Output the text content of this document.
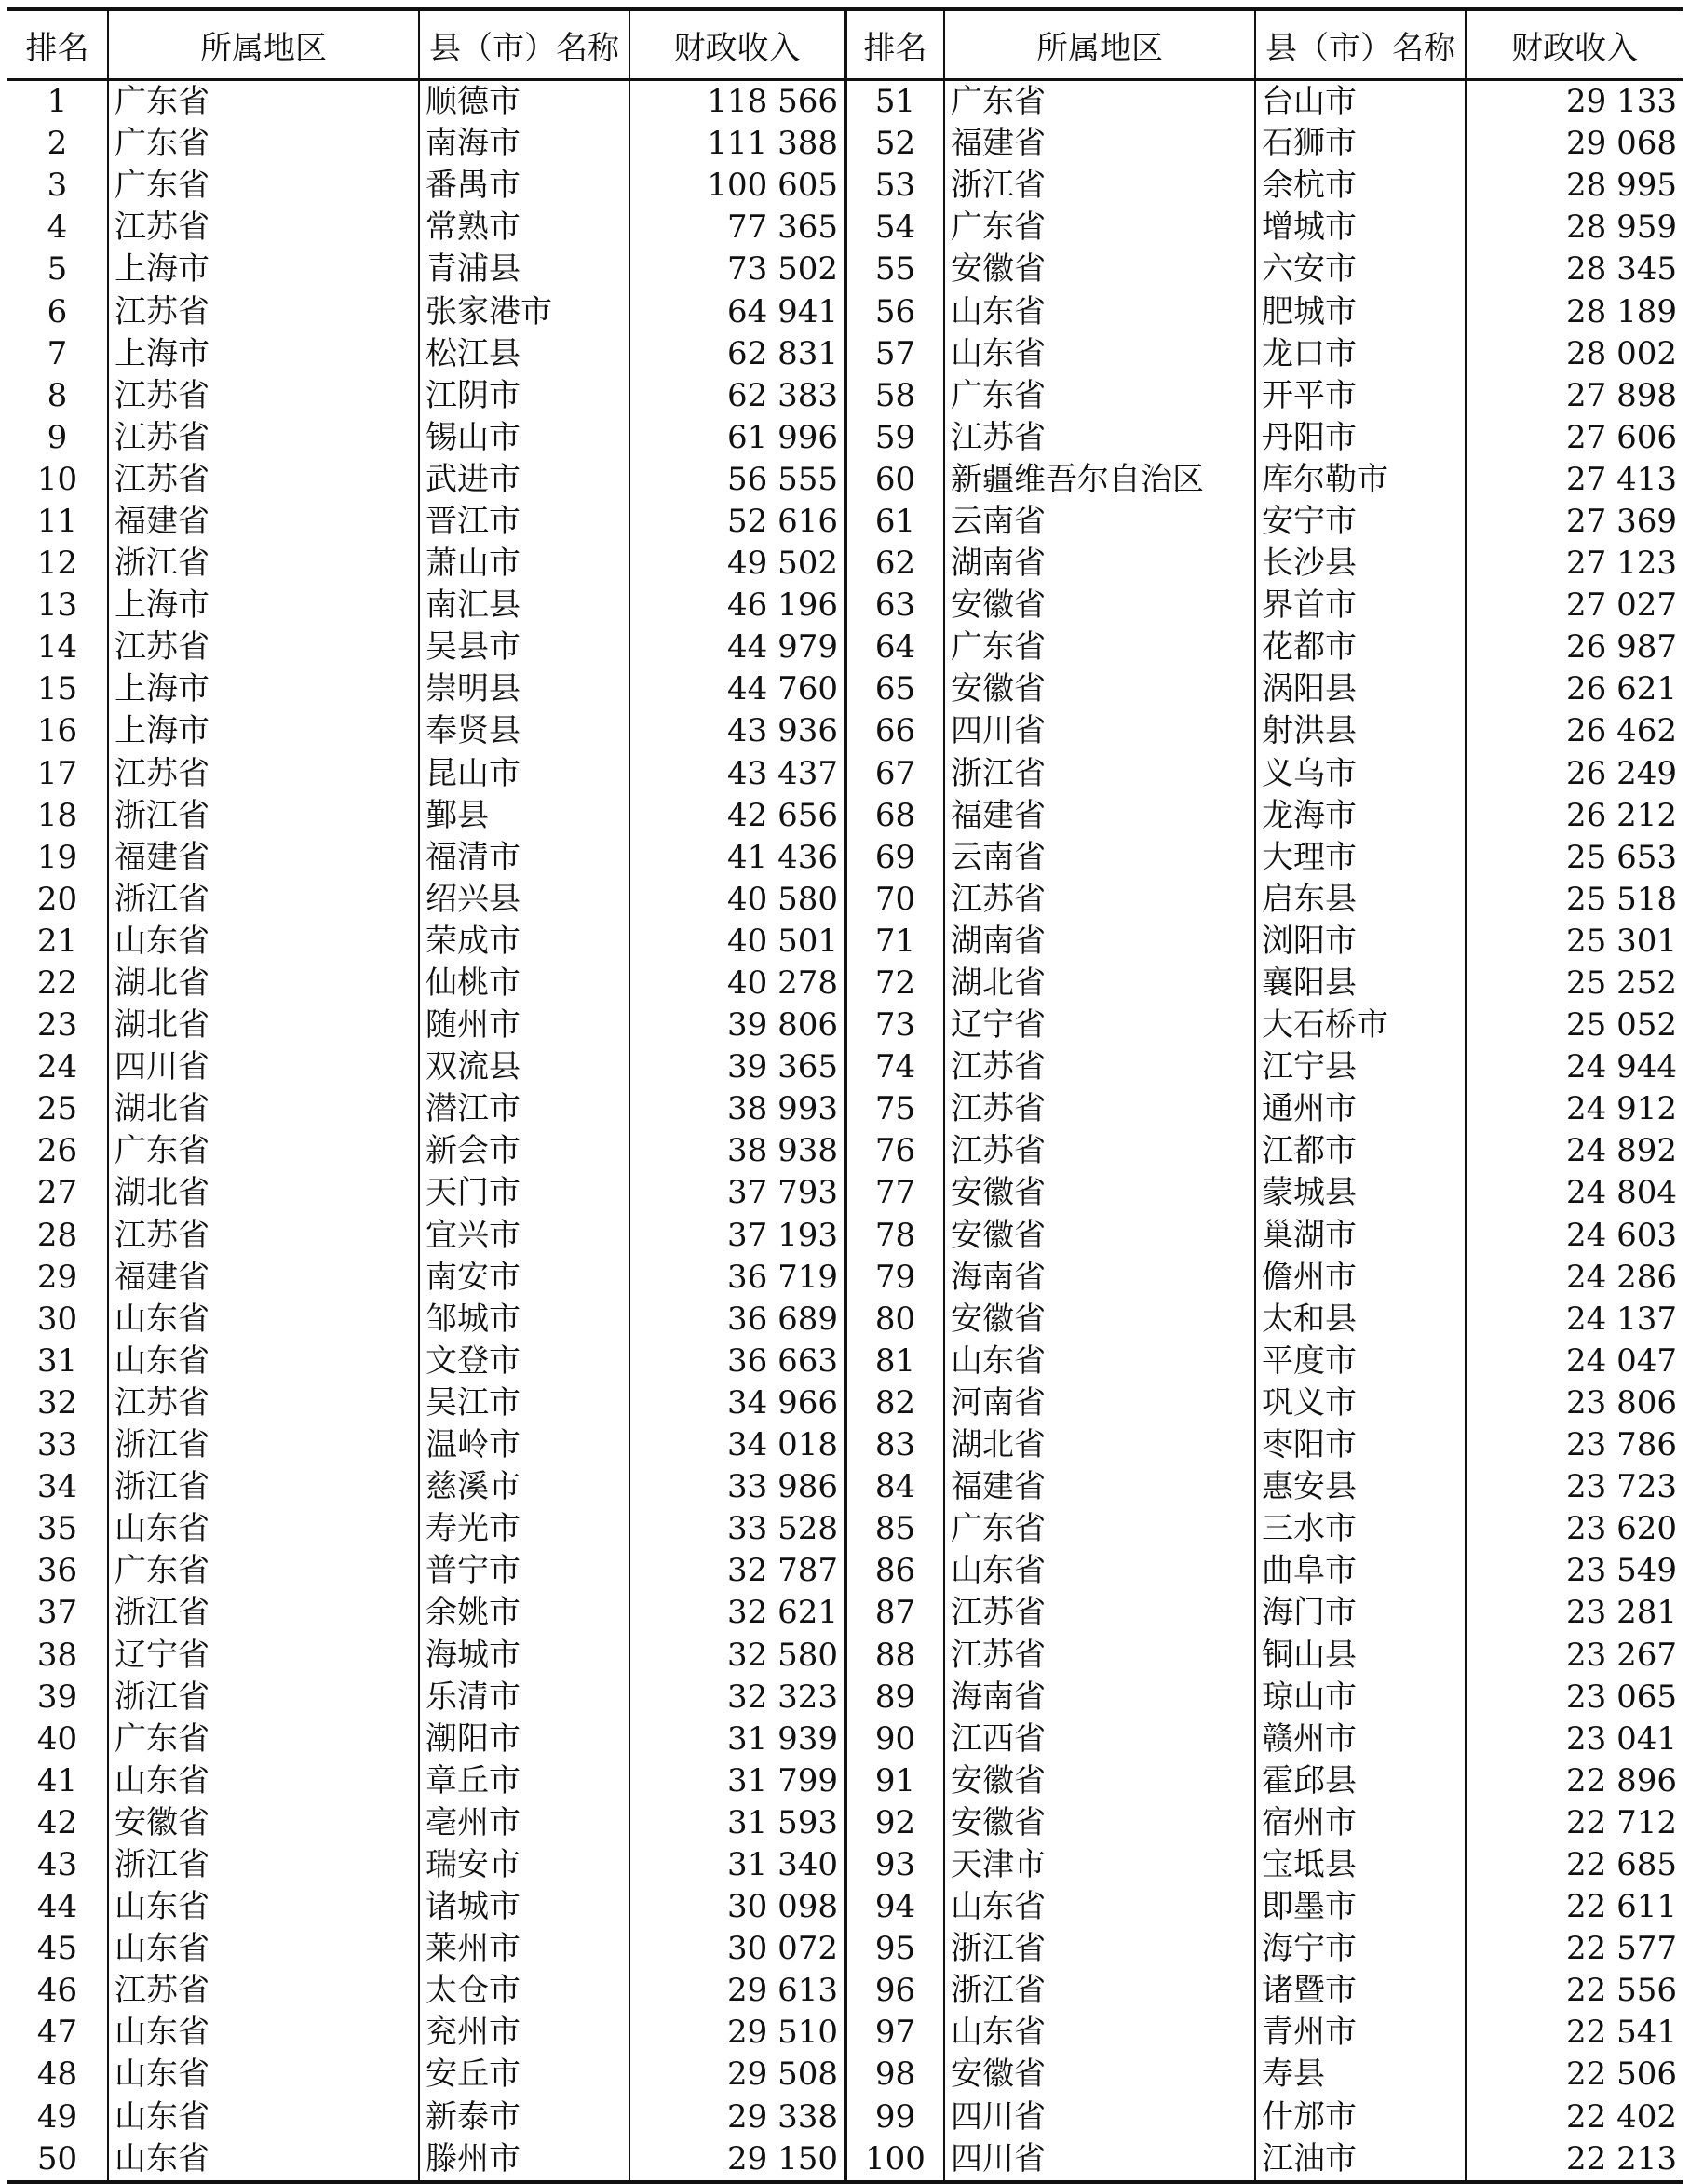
排名	所属地区	县（市）名称	财政收入	排名	所属地区	县（市）名称	财政收入
1	广东省	顺德市	118 566	51	广东省	台山市	29 133
2	广东省	南海市	111 388	52	福建省	石狮市	29 068
3	广东省	番禺市	100 605	53	浙江省	余杭市	28 995
4	江苏省	常熟市	77 365	54	广东省	增城市	28 959
5	上海市	青浦县	73 502	55	安徽省	六安市	28 345
6	江苏省	张家港市	64 941	56	山东省	肥城市	28 189
7	上海市	松江县	62 831	57	山东省	龙口市	28 002
8	江苏省	江阴市	62 383	58	广东省	开平市	27 898
9	江苏省	锡山市	61 996	59	江苏省	丹阳市	27 606
10	江苏省	武进市	56 555	60	新疆维吾尔自治区	库尔勒市	27 413
11	福建省	晋江市	52 616	61	云南省	安宁市	27 369
12	浙江省	萧山市	49 502	62	湖南省	长沙县	27 123
13	上海市	南汇县	46 196	63	安徽省	界首市	27 027
14	江苏省	吴县市	44 979	64	广东省	花都市	26 987
15	上海市	崇明县	44 760	65	安徽省	涡阳县	26 621
16	上海市	奉贤县	43 936	66	四川省	射洪县	26 462
17	江苏省	昆山市	43 437	67	浙江省	义乌市	26 249
18	浙江省	鄞县	42 656	68	福建省	龙海市	26 212
19	福建省	福清市	41 436	69	云南省	大理市	25 653
20	浙江省	绍兴县	40 580	70	江苏省	启东县	25 518
21	山东省	荣成市	40 501	71	湖南省	浏阳市	25 301
22	湖北省	仙桃市	40 278	72	湖北省	襄阳县	25 252
23	湖北省	随州市	39 806	73	辽宁省	大石桥市	25 052
24	四川省	双流县	39 365	74	江苏省	江宁县	24 944
25	湖北省	潜江市	38 993	75	江苏省	通州市	24 912
26	广东省	新会市	38 938	76	江苏省	江都市	24 892
27	湖北省	天门市	37 793	77	安徽省	蒙城县	24 804
28	江苏省	宜兴市	37 193	78	安徽省	巢湖市	24 603
29	福建省	南安市	36 719	79	海南省	儋州市	24 286
30	山东省	邹城市	36 689	80	安徽省	太和县	24 137
31	山东省	文登市	36 663	81	山东省	平度市	24 047
32	江苏省	吴江市	34 966	82	河南省	巩义市	23 806
33	浙江省	温岭市	34 018	83	湖北省	枣阳市	23 786
34	浙江省	慈溪市	33 986	84	福建省	惠安县	23 723
35	山东省	寿光市	33 528	85	广东省	三水市	23 620
36	广东省	普宁市	32 787	86	山东省	曲阜市	23 549
37	浙江省	余姚市	32 621	87	江苏省	海门市	23 281
38	辽宁省	海城市	32 580	88	江苏省	铜山县	23 267
39	浙江省	乐清市	32 323	89	海南省	琼山市	23 065
40	广东省	潮阳市	31 939	90	江西省	赣州市	23 041
41	山东省	章丘市	31 799	91	安徽省	霍邱县	22 896
42	安徽省	亳州市	31 593	92	安徽省	宿州市	22 712
43	浙江省	瑞安市	31 340	93	天津市	宝坻县	22 685
44	山东省	诸城市	30 098	94	山东省	即墨市	22 611
45	山东省	莱州市	30 072	95	浙江省	海宁市	22 577
46	江苏省	太仓市	29 613	96	浙江省	诸暨市	22 556
47	山东省	兖州市	29 510	97	山东省	青州市	22 541
48	山东省	安丘市	29 508	98	安徽省	寿县	22 506
49	山东省	新泰市	29 338	99	四川省	什邡市	22 402
50	山东省	滕州市	29 150	100	四川省	江油市	22 213
